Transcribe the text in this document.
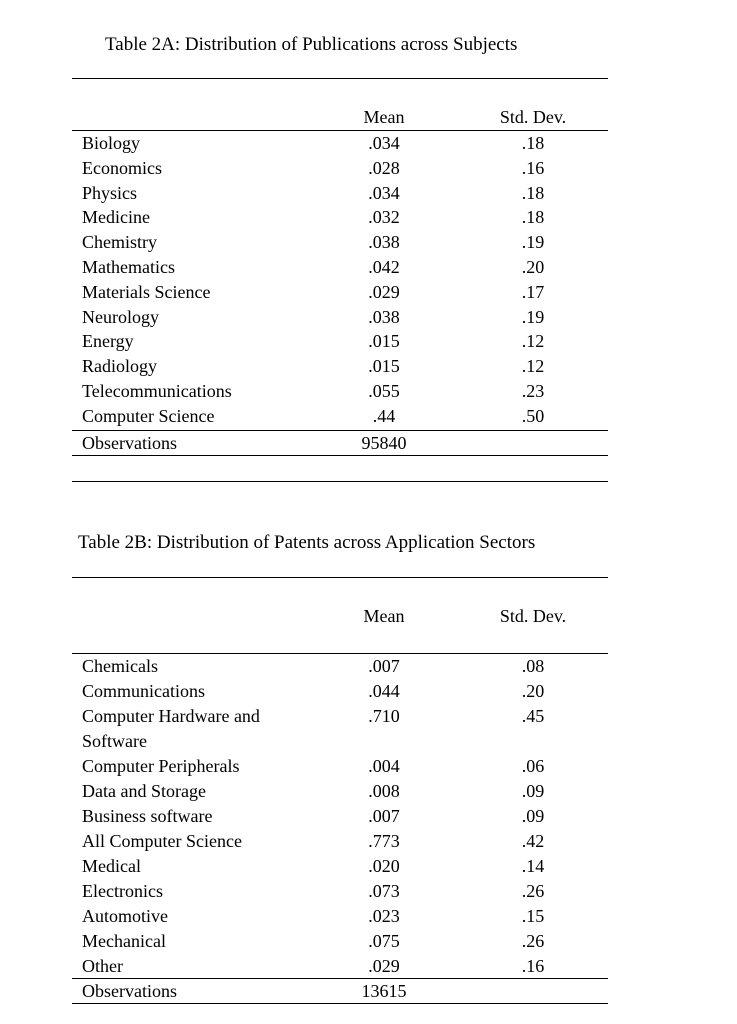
Table 2A: Distribution of Publications across Subjects
Mean	Std. Dev.
Biology	.034	.18
Economics	.028	.16
Physics	.034	.18
Medicine	.032	.18
Chemistry	.038	.19
Mathematics	.042	.20
Materials Science	.029	.17
Neurology	.038	.19
Energy	.015	.12
Radiology	.015	.12
Telecommunications	.055	.23
Computer Science	.44	.50
Observations	95840
Table 2B: Distribution of Patents across Application Sectors
Mean	Std. Dev.
Chemicals	.007	.08
Communications	.044	.20
Computer Hardware and	.710	.45
Software
Computer Peripherals	.004	.06
Data and Storage	.008	.09
Business software	.007	.09
All Computer Science	.773	.42
Medical	.020	.14
Electronics	.073	.26
Automotive	.023	.15
Mechanical	.075	.26
Other	.029	.16
Observations	13615
